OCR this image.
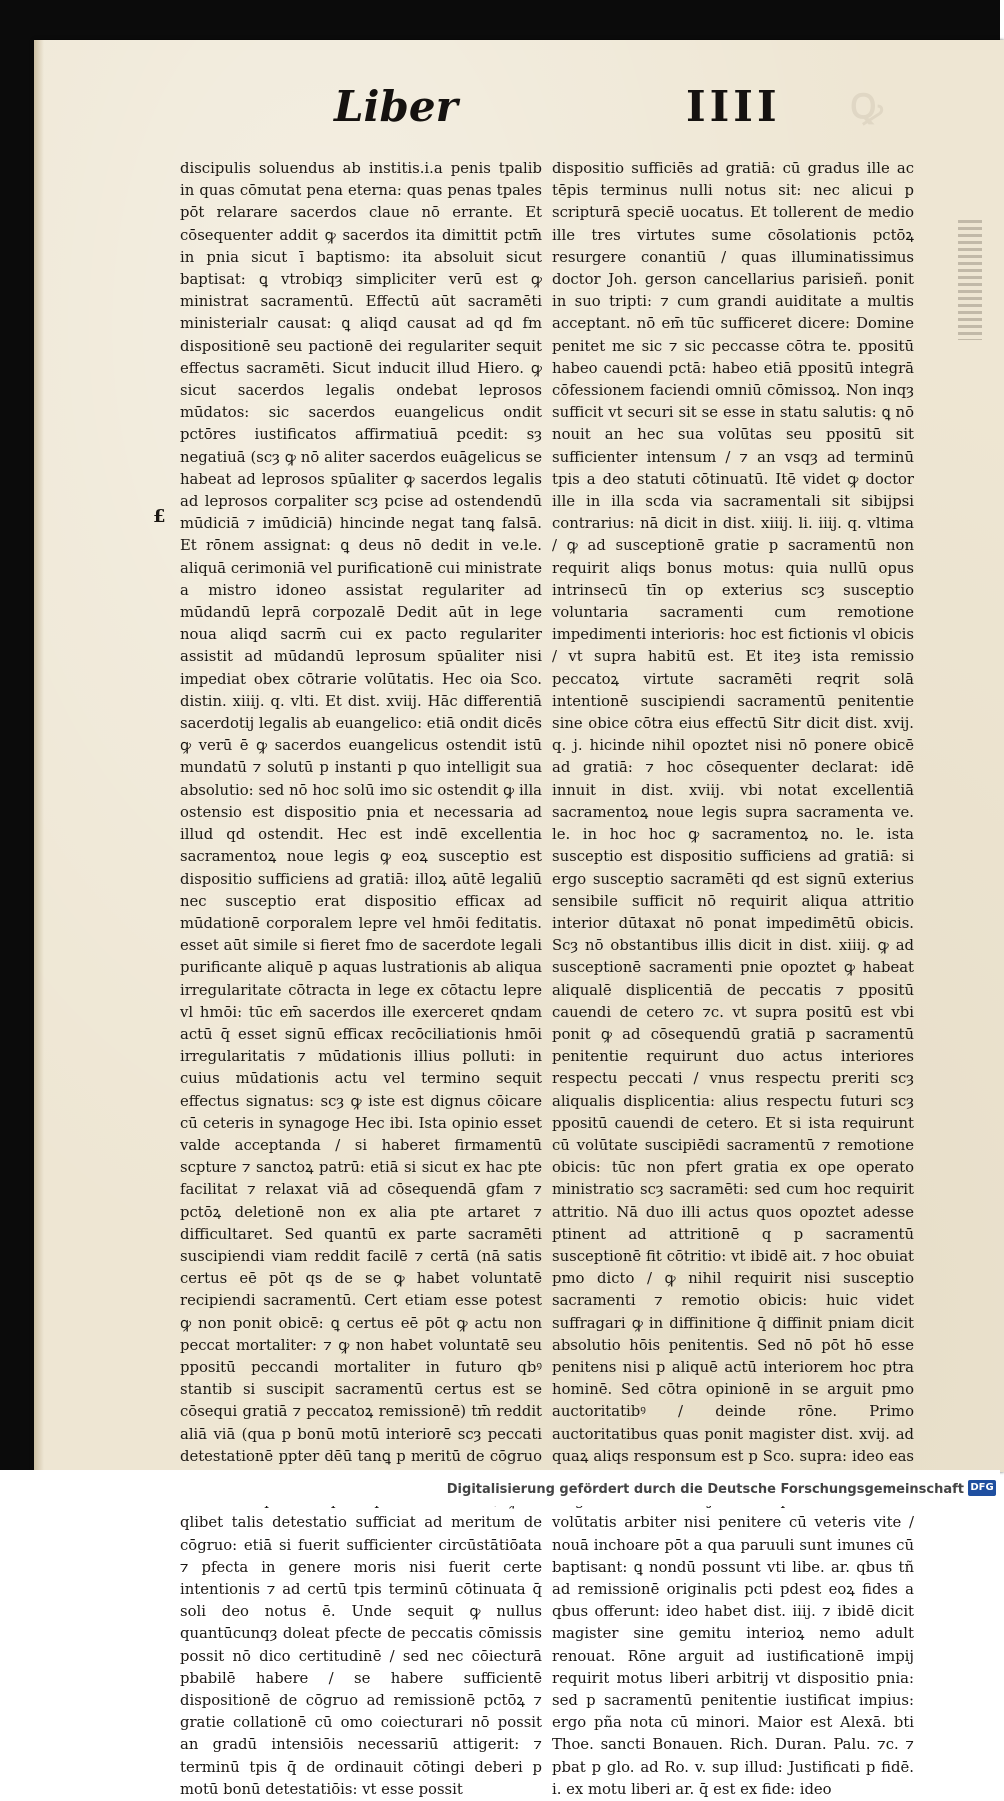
Ꝙ
Liber	IIII
discipulis soluendus ab institis.i.a penis tpalib in quas cōmutat pena eterna: quas penas tpales pōt relarare sacerdos claue nō errante. Et cōsequenter addit ꝙ sacerdos ita dimittit pctm̄ in pnia sicut ī baptismo: ita absoluit sicut baptisat: ꝗ vtrobiqȝ simpliciter verū est ꝙ ministrat sacramentū. Effectū aūt sacramēti ministerialr causat: ꝗ aliqd causat ad qd fm dispositionē seu pactionē dei regulariter sequit effectus sacramēti. Sicut inducit illud Hiero. ꝙ sicut sacerdos legalis ondebat leprosos mūdatos: sic sacerdos euangelicus ondit pctōres iustificatos affirmatiuā pcedit: sȝ negatiuā (scȝ ꝙ nō aliter sacerdos euāgelicus se habeat ad leprosos spūaliter ꝙ sacerdos legalis ad leprosos corpaliter scȝ pcise ad ostendendū mūdiciā ⁊ imūdiciā) hincinde negat tanꝗ falsā. Et rōnem assignat: ꝗ deus nō dedit in ve.le. aliquā cerimoniā vel purificationē cui ministrate a mistro idoneo assistat regulariter ad mūdandū leprā corpozalē Dedit aūt in lege noua aliqd sacrm̄ cui ex pacto regulariter assistit ad mūdandū leprosum spūaliter nisi impediat obex cōtrarie volūtatis. Hec oia Sco. distin. xiiij. q. vlti. Et dist. xviij. Hāc differentiā sacerdotij legalis ab euangelico: etiā ondit dicēs ꝙ verū ē ꝙ sacerdos euangelicus ostendit istū mundatū ⁊ solutū p instanti p quo intelligit sua absolutio: sed nō hoc solū imo sic ostendit ꝙ illa ostensio est dispositio pnia et necessaria ad illud qd ostendit. Hec est indē excellentia sacramentoꝝ noue legis ꝙ eoꝝ susceptio est dispositio sufficiens ad gratiā: illoꝝ aūtē legaliū nec susceptio erat dispositio efficax ad mūdationē corporalem lepre vel hmōi feditatis. esset aūt simile si fieret fmo de sacerdote legali purificante aliquē p aquas lustrationis ab aliqua irregularitate cōtracta in lege ex cōtactu lepre vl hmōi: tūc em̄ sacerdos ille exerceret qndam actū q̄ esset signū efficax recōciliationis hmōi irregularitatis ⁊ mūdationis illius polluti: in cuius mūdationis actu vel termino sequit effectus signatus: scȝ ꝙ iste est dignus cōicare cū ceteris in synagoge Hec ibi. Ista opinio esset valde acceptanda / si haberet firmamentū scpture ⁊ sanctoꝝ patrū: etiā si sicut ex hac pte facilitat ⁊ relaxat viā ad cōsequendā gfam ⁊ pctōꝝ deletionē non ex alia pte artaret ⁊ difficultaret. Sed quantū ex parte sacramēti suscipiendi viam reddit facilē ⁊ certā (nā satis certus eē pōt qs de se ꝙ habet voluntatē recipiendi sacramentū. Cert etiam esse potest ꝙ non ponit obicē: ꝗ certus eē pōt ꝙ actu non peccat mortaliter: ⁊ ꝙ non habet voluntatē seu ppositū peccandi mortaliter in futuro qbꝰ stantib si suscipit sacramentū certus est se cōsequi gratiā ⁊ peccatoꝝ remissionē) tm̄ reddit aliā viā (qua p bonū motū interiorē scȝ peccati detestationē ppter dēū tanꝗ p meritū de cōgruo qlibet talis detestatio sufficiat ad meritum de cōgruo: etiā si fuerit sufficienter circūstātiōata ⁊ pfecta in genere moris nisi fuerit certe intentionis ⁊ ad certū tpis terminū cōtinuata q̄ soli deo notus ē. Unde sequit ꝙ nullus quantūcunqȝ doleat pfecte de peccatis cōmissis possit nō dico certitudinē / sed nec cōiecturā pbabilē habere / se habere sufficientē dispositionē de cōgruo ad remissionē pctōꝝ ⁊ gratie collationē cū omo coiecturari nō possit an gradū intensiōis necessariū attigerit: ⁊ terminū tpis q̄ de ordinauit cōtingi deberi p motū bonū detestatiōis: vt esse possit
dispositio sufficiēs ad gratiā: cū gradus ille ac tēpis terminus nulli notus sit: nec alicui p scripturā speciē uocatus. Et tollerent de medio ille tres virtutes sume cōsolationis pctōꝝ resurgere conantiū / quas illuminatissimus doctor Joh. gerson cancellarius parisieñ. ponit in suo tripti: ⁊ cum grandi auiditate a multis acceptant. nō em̄ tūc sufficeret dicere: Domine penitet me sic ⁊ sic peccasse cōtra te. ppositū habeo cauendi pctā: habeo etiā ppositū integrā cōfessionem faciendi omniū cōmissoꝝ. Non inqȝ sufficit vt securi sit se esse in statu salutis: ꝗ nō nouit an hec sua volūtas seu ppositū sit sufficienter intensum / ⁊ an vsqȝ ad terminū tpis a deo statuti cōtinuatū. Itē videt ꝙ doctor ille in illa scda via sacramentali sit sibijpsi contrarius: nā dicit in dist. xiiij. li. iiij. q. vltima / ꝙ ad susceptionē gratie p sacramentū non requirit aliqs bonus motus: quia nullū opus intrinsecū tīn op exterius scȝ susceptio voluntaria sacramenti cum remotione impedimenti interioris: hoc est fictionis vl obicis / vt supra habitū est. Et iteȝ ista remissio peccatoꝝ virtute sacramēti reqrit solā intentionē suscipiendi sacramentū penitentie sine obice cōtra eius effectū Sitr dicit dist. xvij. q. j. hicinde nihil opoztet nisi nō ponere obicē ad gratiā: ⁊ hoc cōsequenter declarat: idē innuit in dist. xviij. vbi notat excellentiā sacramentoꝝ noue legis supra sacramenta ve. le. in hoc hoc ꝙ sacramentoꝝ no. le. ista susceptio est dispositio sufficiens ad gratiā: si ergo susceptio sacramēti qd est signū exterius sensibile sufficit nō requirit aliqua attritio interior dūtaxat nō ponat impedimētū obicis. Scȝ nō obstantibus illis dicit in dist. xiiij. ꝙ ad susceptionē sacramenti pnie opoztet ꝙ habeat aliqualē displicentiā de peccatis ⁊ ppositū cauendi de cetero ⁊c. vt supra positū est vbi ponit ꝙ ad cōsequendū gratiā p sacramentū penitentie requirunt duo actus interiores respectu peccati / vnus respectu preriti scȝ aliqualis displicentia: alius respectu futuri scȝ ppositū cauendi de cetero. Et si ista requirunt cū volūtate suscipiēdi sacramentū ⁊ remotione obicis: tūc non pfert gratia ex ope operato ministratio scȝ sacramēti: sed cum hoc requirit attritio. Nā duo illi actus quos opoztet adesse ptinent ad attritionē q p sacramentū susceptionē fit cōtritio: vt ibidē ait. ⁊ hoc obuiat pmo dicto / ꝙ nihil requirit nisi susceptio sacramenti ⁊ remotio obicis: huic videt suffragari ꝙ in diffinitione q̄ diffinit pniam dicit absolutio hōis penitentis. Sed nō pōt hō esse penitens nisi p aliquē actū interiorem hoc ptra hominē. Sed cōtra opinionē in se arguit pmo auctoritatibꝰ / deinde rōne. Primo auctoritatibus quas ponit magister dist. xvij. ad quaꝝ aliqs responsum est p Sco. supra: ideo eas volūtatis arbiter nisi penitere cū veteris vite / nouā inchoare pōt a qua paruuli sunt imunes cū baptisant: ꝗ nondū possunt vti libe. ar. qbus tñ ad remissionē originalis pcti pdest eoꝝ fides a qbus offerunt: ideo habet dist. iiij. ⁊ ibidē dicit magister sine gemitu interioꝝ nemo adult renouat. Rōne arguit ad iustificationē impij requirit motus liberi arbitrij vt dispositio pnia: sed p sacramentū penitentie iustificat impius: ergo pña nota cū minori. Maior est Alexā. bti Thoe. sancti Bonauen. Rich. Duran. Palu. ⁊c. ⁊ pbat p glo. ad Ro. v. sup illud: Justificati p fidē. i. ex motu liberi ar. q̄ est ex fide: ideo
£
Digitalisierung gefördert durch die Deutsche Forschungsgemeinschaft DFG
